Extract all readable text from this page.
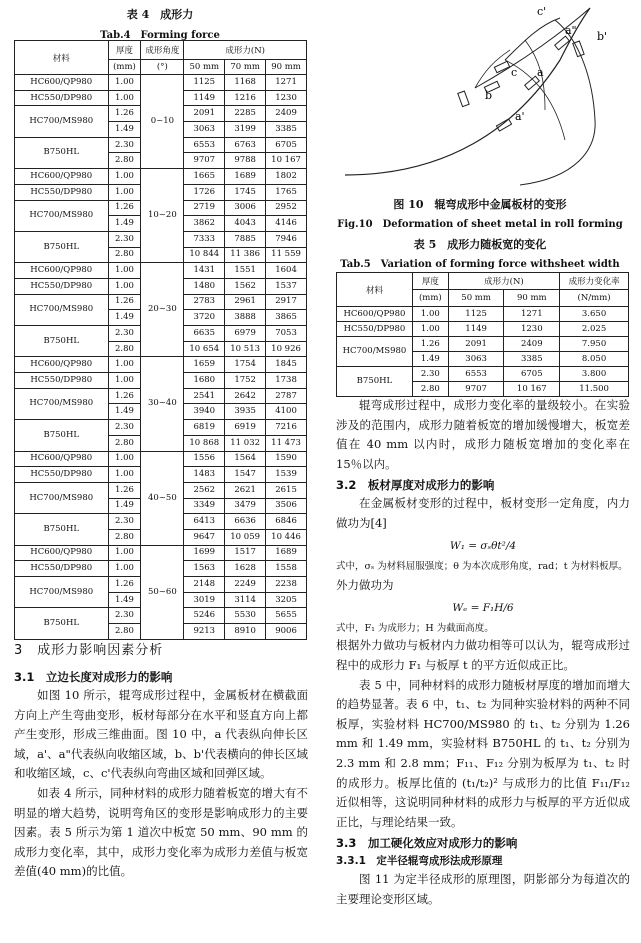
表 4　成形力
Tab.4　Forming force
材料	厚度	成形角度	成形力(N)		
	(mm)	(°)	50 mm	70 mm	90 mm
HC600/QP980	1.00	0~10	1125	1168	1271
HC550/DP980	1.00		1149	1216	1230
HC700/MS980	1.26		2091	2285	2409
	1.49		3063	3199	3385
B750HL	2.30		6553	6763	6705
	2.80		9707	9788	10 167
HC600/QP980	1.00	10~20	1665	1689	1802
HC550/DP980	1.00		1726	1745	1765
HC700/MS980	1.26		2719	3006	2952
	1.49		3862	4043	4146
B750HL	2.30		7333	7885	7946
	2.80		10 844	11 386	11 559
HC600/QP980	1.00	20~30	1431	1551	1604
HC550/DP980	1.00		1480	1562	1537
HC700/MS980	1.26		2783	2961	2917
	1.49		3720	3888	3865
B750HL	2.30		6635	6979	7053
	2.80		10 654	10 513	10 926
HC600/QP980	1.00	30~40	1659	1754	1845
HC550/DP980	1.00		1680	1752	1738
HC700/MS980	1.26		2541	2642	2787
	1.49		3940	3935	4100
B750HL	2.30		6819	6919	7216
	2.80		10 868	11 032	11 473
HC600/QP980	1.00	40~50	1556	1564	1590
HC550/DP980	1.00		1483	1547	1539
HC700/MS980	1.26		2562	2621	2615
	1.49		3349	3479	3506
B750HL	2.30		6413	6636	6846
	2.80		9647	10 059	10 446
HC600/QP980	1.00	50~60	1699	1517	1689
HC550/DP980	1.00		1563	1628	1558
HC700/MS980	1.26		2148	2249	2238
	1.49		3019	3114	3205
B750HL	2.30		5246	5530	5655
	2.80		9213	8910	9006
c'
a" b'
c a
b
a'
图 10　辊弯成形中金属板材的变形
Fig.10　Deformation of sheet metal in roll forming
表 5　成形力随板宽的变化
Tab.5　Variation of forming force withsheet width
材料	厚度	成形力(N)		成形力变化率
	(mm)	50 mm	90 mm	(N/mm)
HC600/QP980	1.00	1125	1271	3.650
HC550/DP980	1.00	1149	1230	2.025
HC700/MS980	1.26	2091	2409	7.950
	1.49	3063	3385	8.050
B750HL	2.30	6553	6705	3.800
	2.80	9707	10 167	11.500

辊弯成形过程中，成形力变化率的量级较小。在实验涉及的范围内，成形力随着板宽的增加缓慢增大，板宽差值在 40 mm 以内时，成形力随板宽增加的变化率在 15％以内。

3.2　板材厚度对成形力的影响

在金属板材变形的过程中，板材变形一定角度，内力做功为[4]

W₁ = σₛθt²/4
式中，σₛ 为材料屈服强度；θ 为本次成形角度，rad；t 为材料板厚。
外力做功为
Wₑ = F₁H/6
式中，F₁ 为成形力；H 为截面高度。
根据外力做功与板材内力做功相等可以认为，辊弯成形过程中的成形力 F₁ 与板厚 t 的平方近似成正比。

表 5 中，同种材料的成形力随板材厚度的增加而增大的趋势显著。表 6 中，t₁、t₂ 为同种实验材料的两种不同板厚，实验材料 HC700/MS980 的 t₁、t₂ 分别为 1.26 mm 和 1.49 mm，实验材料 B750HL 的 t₁、t₂ 分别为 2.3 mm 和 2.8 mm；F₁₁、F₁₂ 分别为板厚为 t₁、t₂ 时的成形力。板厚比值的 (t₁/t₂)² 与成形力的比值 F₁₁/F₁₂ 近似相等，这说明同种材料的成形力与板厚的平方近似成正比，与理论结果一致。

3.3　加工硬化效应对成形力的影响
3.3.1　定半径辊弯成形法成形原理

图 11 为定半径成形的原理图，阴影部分为每道次的主要理论变形区域。

3　成形力影响因素分析
3.1　立边长度对成形力的影响

如图 10 所示，辊弯成形过程中，金属板材在横截面方向上产生弯曲变形，板材每部分在水平和竖直方向上都产生变形，形成三维曲面。图 10 中，a 代表纵向伸长区域，a'、a"代表纵向收缩区域，b、b'代表横向的伸长区域和收缩区域，c、c'代表纵向弯曲区域和回弹区域。

如表 4 所示，同种材料的成形力随着板宽的增大有不明显的增大趋势，说明弯角区的变形是影响成形力的主要因素。表 5 所示为第 1 道次中板宽 50 mm、90 mm 的成形力变化率，其中，成形力变化率为成形力差值与板宽差值(40 mm)的比值。
